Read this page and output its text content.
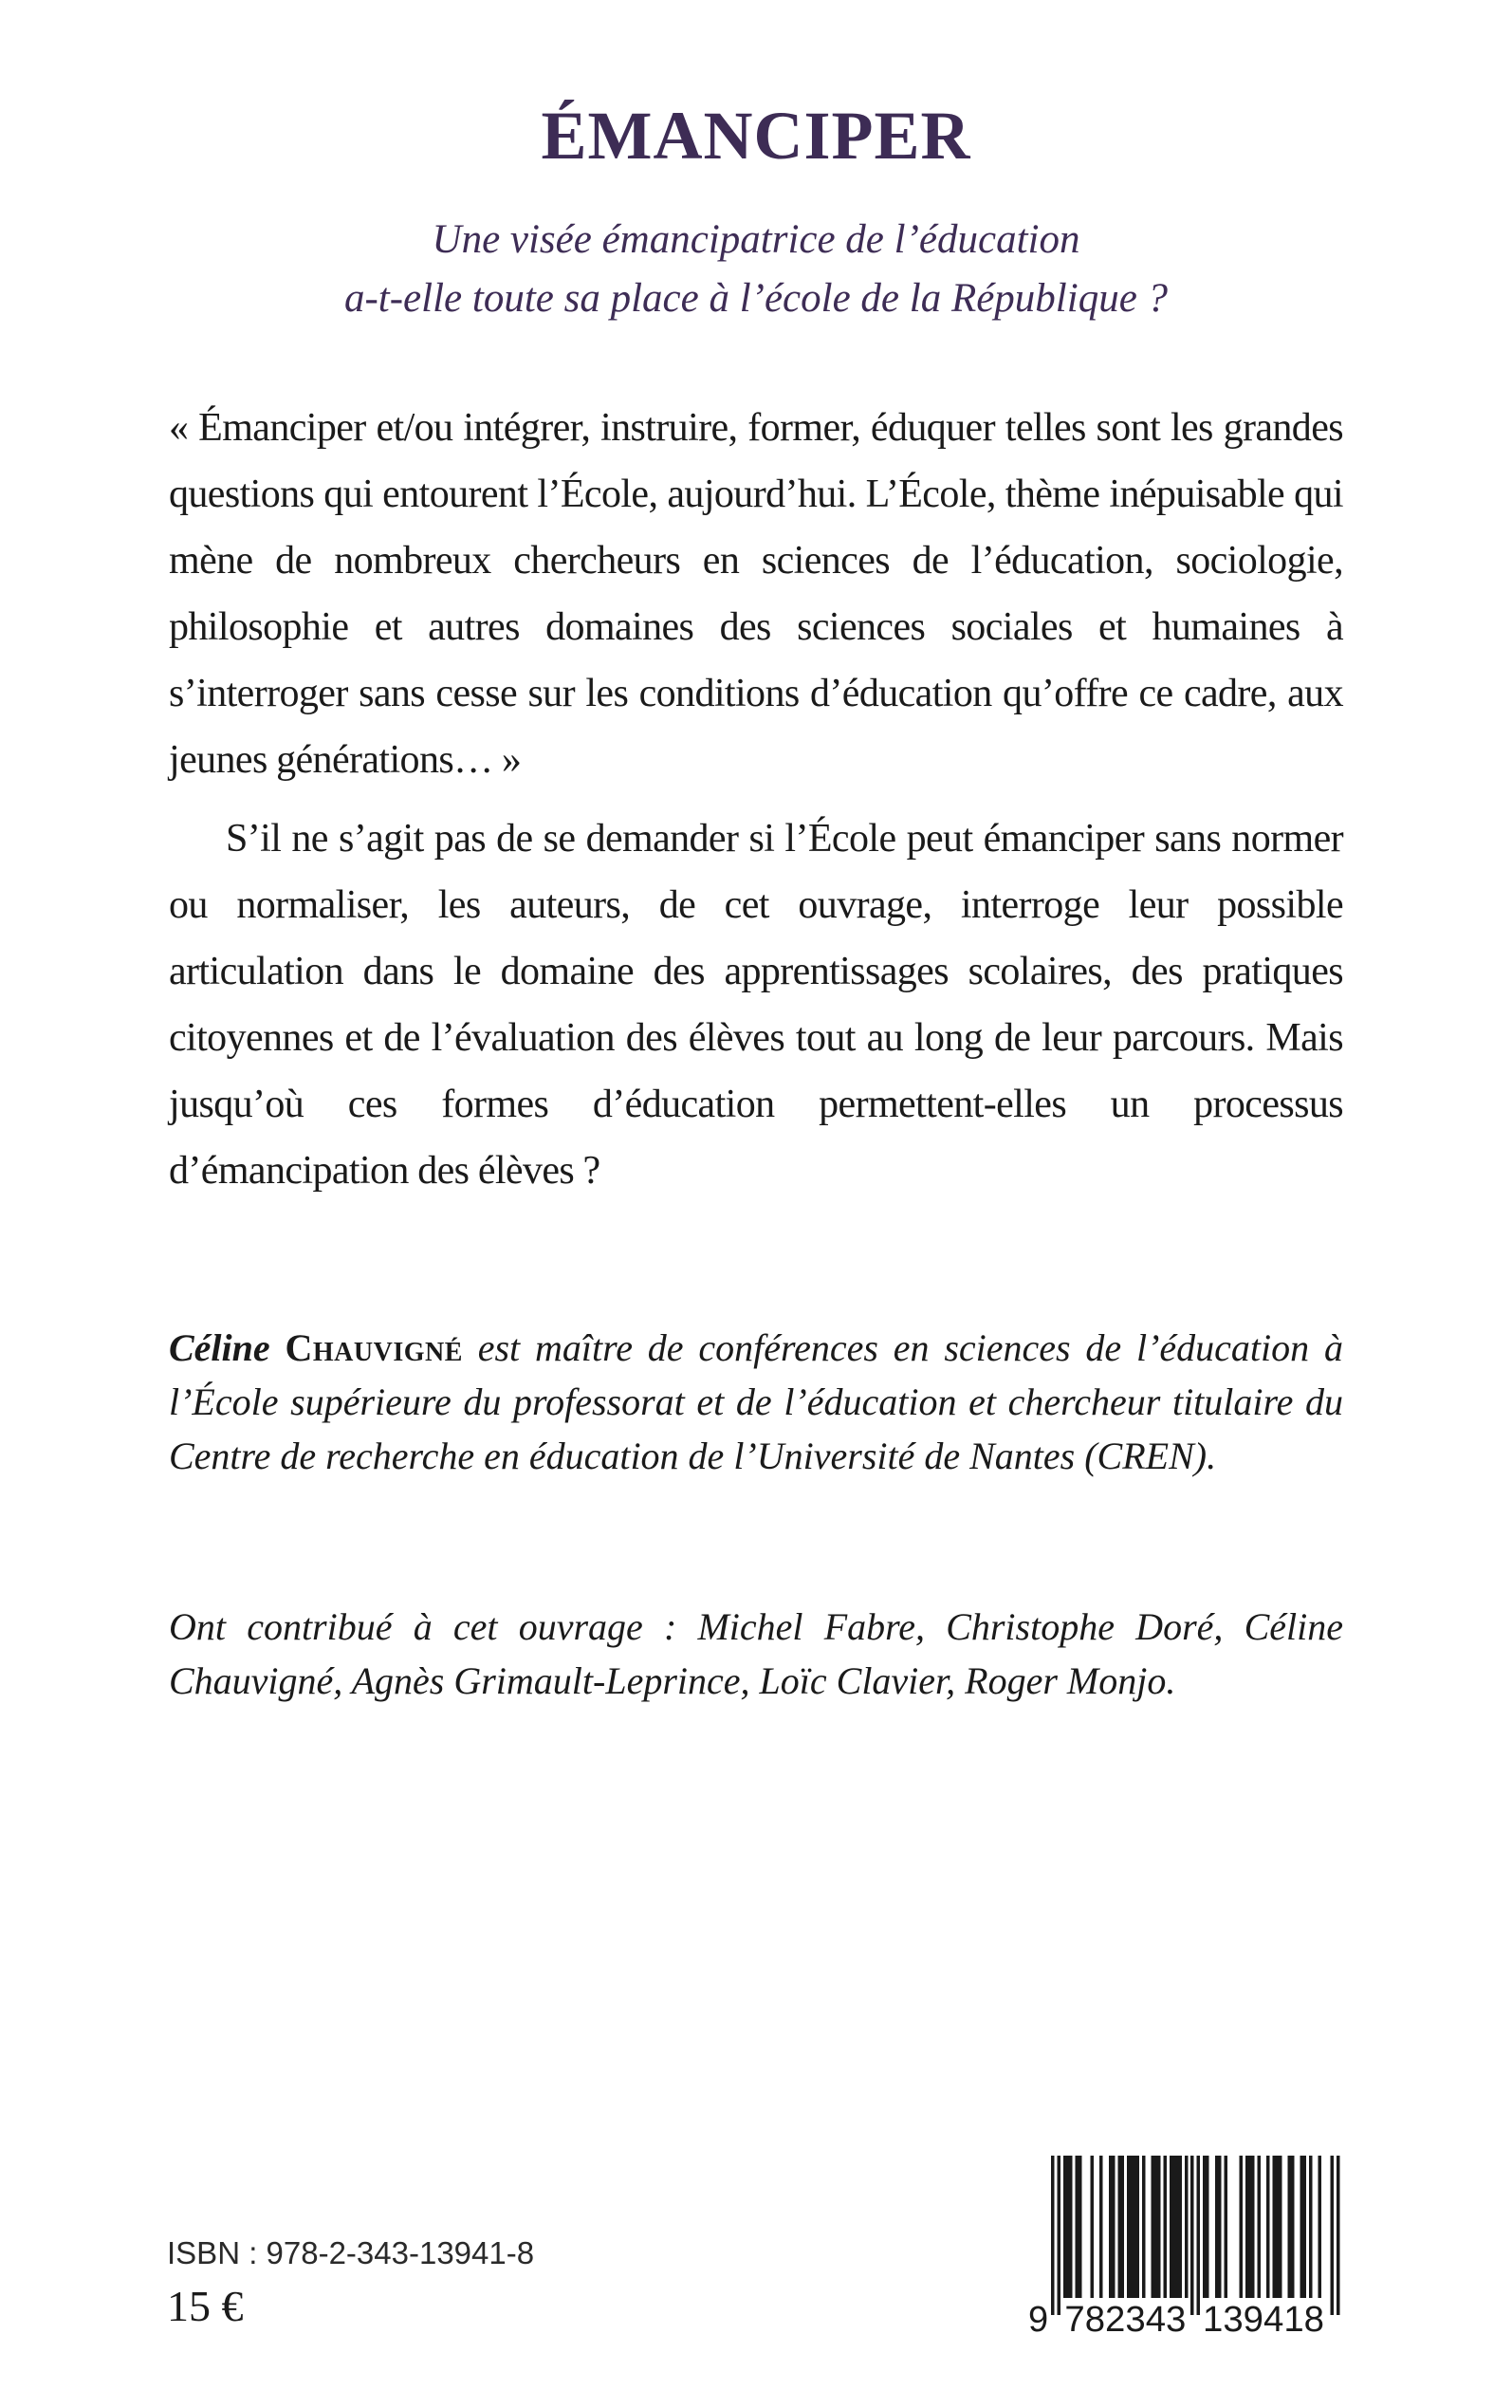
ÉMANCIPER
Une visée émancipatrice de l’éducation
a-t-elle toute sa place à l’école de la République ?

« Émanciper et/ou intégrer, instruire, former, éduquer telles sont les grandes questions qui entourent l’École, aujourd’hui. L’École, thème inépuisable qui mène de nombreux chercheurs en sciences de l’éducation, sociologie, philosophie et autres domaines des sciences sociales et humaines à s’interroger sans cesse sur les conditions d’éducation qu’offre ce cadre, aux jeunes générations… »

S’il ne s’agit pas de se demander si l’École peut émanciper sans normer ou normaliser, les auteurs, de cet ouvrage, interroge leur possible articulation dans le domaine des apprentissages scolaires, des pratiques citoyennes et de l’évaluation des élèves tout au long de leur parcours. Mais jusqu’où ces formes d’éducation permettent-elles un processus d’émancipation des élèves ?

Céline Chauvigné est maître de conférences en sciences de l’éducation à l’École supérieure du professorat et de l’éducation et chercheur titulaire du Centre de recherche en éducation de l’Université de Nantes (CREN).

Ont contribué à cet ouvrage : Michel Fabre, Christophe Doré, Céline Chauvigné, Agnès Grimault-Leprince, Loïc Clavier, Roger Monjo.

ISBN : 978-2-343-13941-8
15 €	9 782343 139418
